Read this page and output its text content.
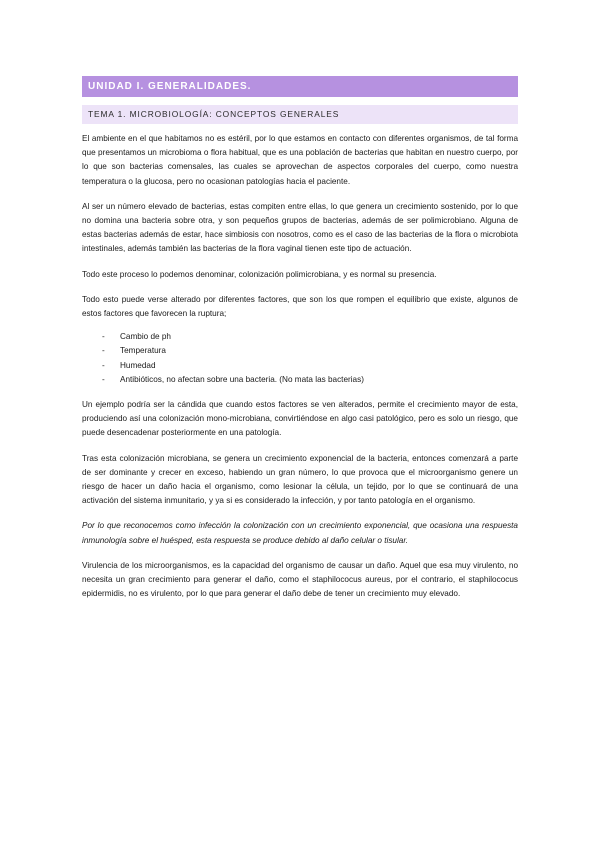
UNIDAD I. GENERALIDADES.
TEMA 1. MICROBIOLOGÍA: CONCEPTOS GENERALES

El ambiente en el que habitamos no es estéril, por lo que estamos en contacto con diferentes organismos, de tal forma que presentamos un microbioma o flora habitual, que es una población de bacterias que habitan en nuestro cuerpo, por lo que son bacterias comensales, las cuales se aprovechan de aspectos corporales del cuerpo, como nuestra temperatura o la glucosa, pero no ocasionan patologías hacia el paciente.

Al ser un número elevado de bacterias, estas compiten entre ellas, lo que genera un crecimiento sostenido, por lo que no domina una bacteria sobre otra, y son pequeños grupos de bacterias, además de ser polimicrobiano. Alguna de estas bacterias además de estar, hace simbiosis con nosotros, como es el caso de las bacterias de la flora o microbiota intestinales, además también las bacterias de la flora vaginal tienen este tipo de actuación.

Todo este proceso lo podemos denominar, colonización polimicrobiana, y es normal su presencia.

Todo esto puede verse alterado por diferentes factores, que son los que rompen el equilibrio que existe, algunos de estos factores que favorecen la ruptura;

- Cambio de ph
- Temperatura
- Humedad
- Antibióticos, no afectan sobre una bacteria. (No mata las bacterias)

Un ejemplo podría ser la cándida que cuando estos factores se ven alterados, permite el crecimiento mayor de esta, produciendo así una colonización mono-microbiana, convirtiéndose en algo casi patológico, pero es solo un riesgo, que puede desencadenar posteriormente en una patología.

Tras esta colonización microbiana, se genera un crecimiento exponencial de la bacteria, entonces comenzará a parte de ser dominante y crecer en exceso, habiendo un gran número, lo que provoca que el microorganismo genere un riesgo de hacer un daño hacia el organismo, como lesionar la célula, un tejido, por lo que se continuará de una activación del sistema inmunitario, y ya si es considerado la infección, y por tanto patología en el organismo.

Por lo que reconocemos como infección la colonización con un crecimiento exponencial, que ocasiona una respuesta inmunología sobre el huésped, esta respuesta se produce debido al daño celular o tisular.

Virulencia de los microorganismos, es la capacidad del organismo de causar un daño. Aquel que esa muy virulento, no necesita un gran crecimiento para generar el daño, como el staphilococus aureus, por el contrario, el staphilococus epidermidis, no es virulento, por lo que para generar el daño debe de tener un crecimiento muy elevado.
